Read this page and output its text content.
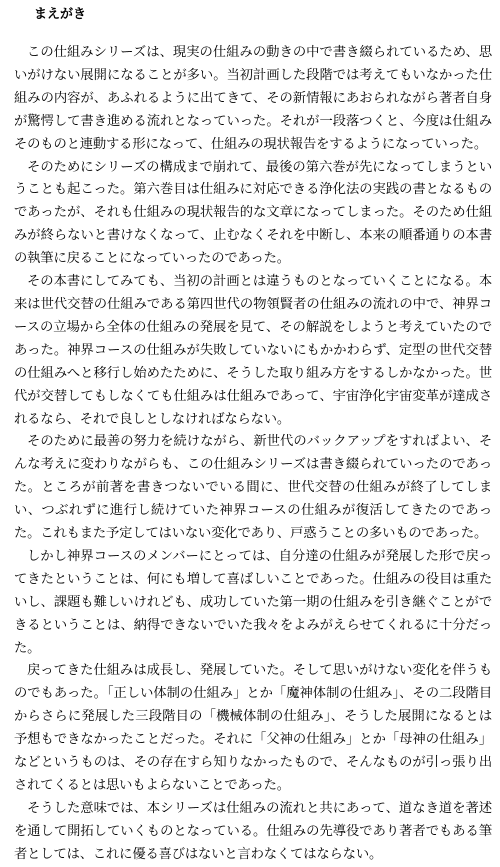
まえがき

この仕組みシリーズは、現実の仕組みの動きの中で書き綴られているため、思いがけない展開になることが多い。当初計画した段階では考えてもいなかった仕組みの内容が、あふれるように出てきて、その新情報にあおられながら著者自身が驚愕して書き進める流れとなっていった。それが一段落つくと、今度は仕組みそのものと連動する形になって、仕組みの現状報告をするようになっていった。

そのためにシリーズの構成まで崩れて、最後の第六巻が先になってしまうということも起こった。第六巻目は仕組みに対応できる浄化法の実践の書となるものであったが、それも仕組みの現状報告的な文章になってしまった。そのため仕組みが終らないと書けなくなって、止むなくそれを中断し、本来の順番通りの本書の執筆に戻ることになっていったのであった。

その本書にしてみても、当初の計画とは違うものとなっていくことになる。本来は世代交替の仕組みである第四世代の物領賢者の仕組みの流れの中で、神界コースの立場から全体の仕組みの発展を見て、その解説をしようと考えていたのであった。神界コースの仕組みが失敗していないにもかかわらず、定型の世代交替の仕組みへと移行し始めたために、そうした取り組み方をするしかなかった。世代が交替してもしなくても仕組みは仕組みであって、宇宙浄化宇宙変革が達成されるなら、それで良しとしなければならない。

そのために最善の努力を続けながら、新世代のバックアップをすればよい、そんな考えに変わりながらも、この仕組みシリーズは書き綴られていったのであった。ところが前著を書きつないでいる間に、世代交替の仕組みが終了してしまい、つぶれずに進行し続けていた神界コースの仕組みが復活してきたのであった。これもまた予定してはいない変化であり、戸惑うことの多いものであった。

しかし神界コースのメンバーにとっては、自分達の仕組みが発展した形で戻ってきたということは、何にも増して喜ばしいことであった。仕組みの役目は重たいし、課題も難しいけれども、成功していた第一期の仕組みを引き継ぐことができるということは、納得できないでいた我々をよみがえらせてくれるに十分だった。

戻ってきた仕組みは成長し、発展していた。そして思いがけない変化を伴うものでもあった。「正しい体制の仕組み」とか「魔神体制の仕組み」、その二段階目からさらに発展した三段階目の「機械体制の仕組み」、そうした展開になるとは予想もできなかったことだった。それに「父神の仕組み」とか「母神の仕組み」などというものは、その存在すら知りなかったもので、そんなものが引っ張り出されてくるとは思いもよらないことであった。

そうした意味では、本シリーズは仕組みの流れと共にあって、道なき道を著述を通して開拓していくものとなっている。仕組みの先導役であり著者でもある筆者としては、これに優る喜びはないと言わなくてはならない。
